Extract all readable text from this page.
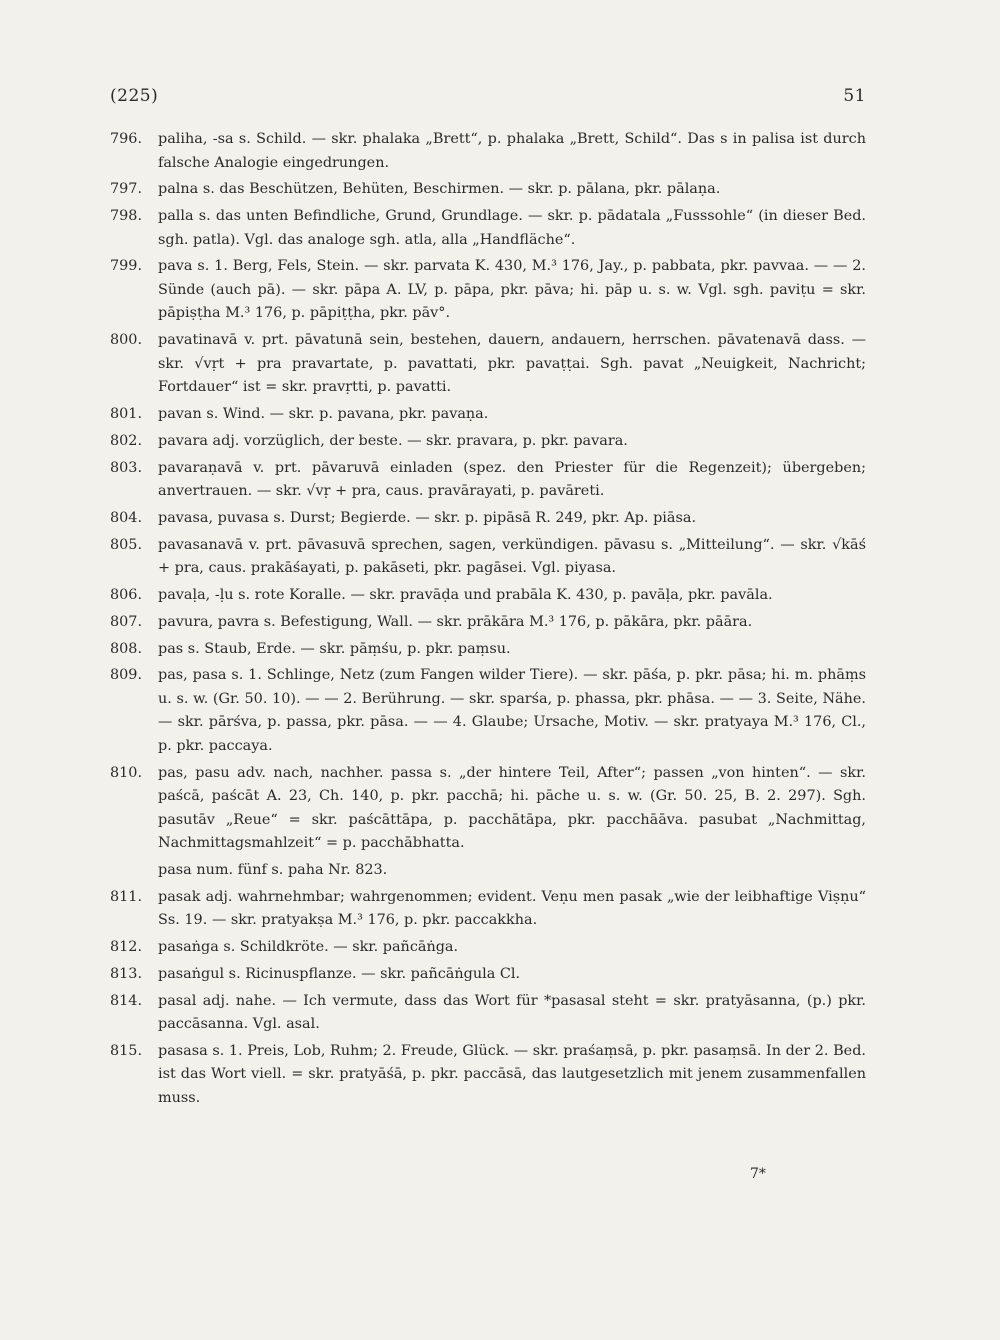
(225)	51
796. paliha, -sa s. Schild. — skr. phalaka „Brett“, p. phalaka „Brett, Schild“. Das s in palisa ist durch falsche Analogie eingedrungen.
797. palna s. das Beschützen, Behüten, Beschirmen. — skr. p. pālana, pkr. pālaṇa.
798. palla s. das unten Befindliche, Grund, Grundlage. — skr. p. pādatala „Fusssohle“ (in dieser Bed. sgh. patla). Vgl. das analoge sgh. atla, alla „Handfläche“.
799. pava s. 1. Berg, Fels, Stein. — skr. parvata K. 430, M.³ 176, Jay., p. pabbata, pkr. pavvaa. — — 2. Sünde (auch pā). — skr. pāpa A. LV, p. pāpa, pkr. pāva; hi. pāp u. s. w. Vgl. sgh. paviṭu = skr. pāpiṣṭha M.³ 176, p. pāpiṭṭha, pkr. pāv°.
800. pavatinavā v. prt. pāvatunā sein, bestehen, dauern, andauern, herrschen. pāvatenavā dass. — skr. √vṛt + pra pravartate, p. pavattati, pkr. pavaṭṭai. Sgh. pavat „Neuigkeit, Nachricht; Fortdauer“ ist = skr. pravṛtti, p. pavatti.
801. pavan s. Wind. — skr. p. pavana, pkr. pavaṇa.
802. pavara adj. vorzüglich, der beste. — skr. pravara, p. pkr. pavara.
803. pavaraṇavā v. prt. pāvaruvā einladen (spez. den Priester für die Regenzeit); übergeben; anvertrauen. — skr. √vṛ + pra, caus. pravārayati, p. pavāreti.
804. pavasa, puvasa s. Durst; Begierde. — skr. p. pipāsā R. 249, pkr. Ap. piāsa.
805. pavasanavā v. prt. pāvasuvā sprechen, sagen, verkündigen. pāvasu s. „Mitteilung“. — skr. √kāś + pra, caus. prakāśayati, p. pakāseti, pkr. pagāsei. Vgl. piyasa.
806. pavaḷa, -ḷu s. rote Koralle. — skr. pravāḍa und prabāla K. 430, p. pavāḷa, pkr. pavāla.
807. pavura, pavra s. Befestigung, Wall. — skr. prākāra M.³ 176, p. pākāra, pkr. pāāra.
808. pas s. Staub, Erde. — skr. pāṃśu, p. pkr. paṃsu.
809. pas, pasa s. 1. Schlinge, Netz (zum Fangen wilder Tiere). — skr. pāśa, p. pkr. pāsa; hi. m. phāṃs u. s. w. (Gr. 50. 10). — — 2. Berührung. — skr. sparśa, p. phassa, pkr. phāsa. — — 3. Seite, Nähe. — skr. pārśva, p. passa, pkr. pāsa. — — 4. Glaube; Ursache, Motiv. — skr. pratyaya M.³ 176, Cl., p. pkr. paccaya.
810. pas, pasu adv. nach, nachher. passa s. „der hintere Teil, After“; passen „von hinten“. — skr. paścā, paścāt A. 23, Ch. 140, p. pkr. pacchā; hi. pāche u. s. w. (Gr. 50. 25, B. 2. 297). Sgh. pasutāv „Reue“ = skr. paścāttāpa, p. pacchātāpa, pkr. pacchāāva. pasubat „Nachmittag, Nachmittagsmahlzeit“ = p. pacchābhatta.
pasa num. fünf s. paha Nr. 823.
811. pasak adj. wahrnehmbar; wahrgenommen; evident. Veṇu men pasak „wie der leibhaftige Viṣṇu“ Ss. 19. — skr. pratyakṣa M.³ 176, p. pkr. paccakkha.
812. pasaṅga s. Schildkröte. — skr. pañcāṅga.
813. pasaṅgul s. Ricinuspflanze. — skr. pañcāṅgula Cl.
814. pasal adj. nahe. — Ich vermute, dass das Wort für *pasasal steht = skr. pratyāsanna, (p.) pkr. paccāsanna. Vgl. asal.
815. pasasa s. 1. Preis, Lob, Ruhm; 2. Freude, Glück. — skr. praśaṃsā, p. pkr. pasaṃsā. In der 2. Bed. ist das Wort viell. = skr. pratyāśā, p. pkr. paccāsā, das lautgesetzlich mit jenem zusammenfallen muss.
7*
